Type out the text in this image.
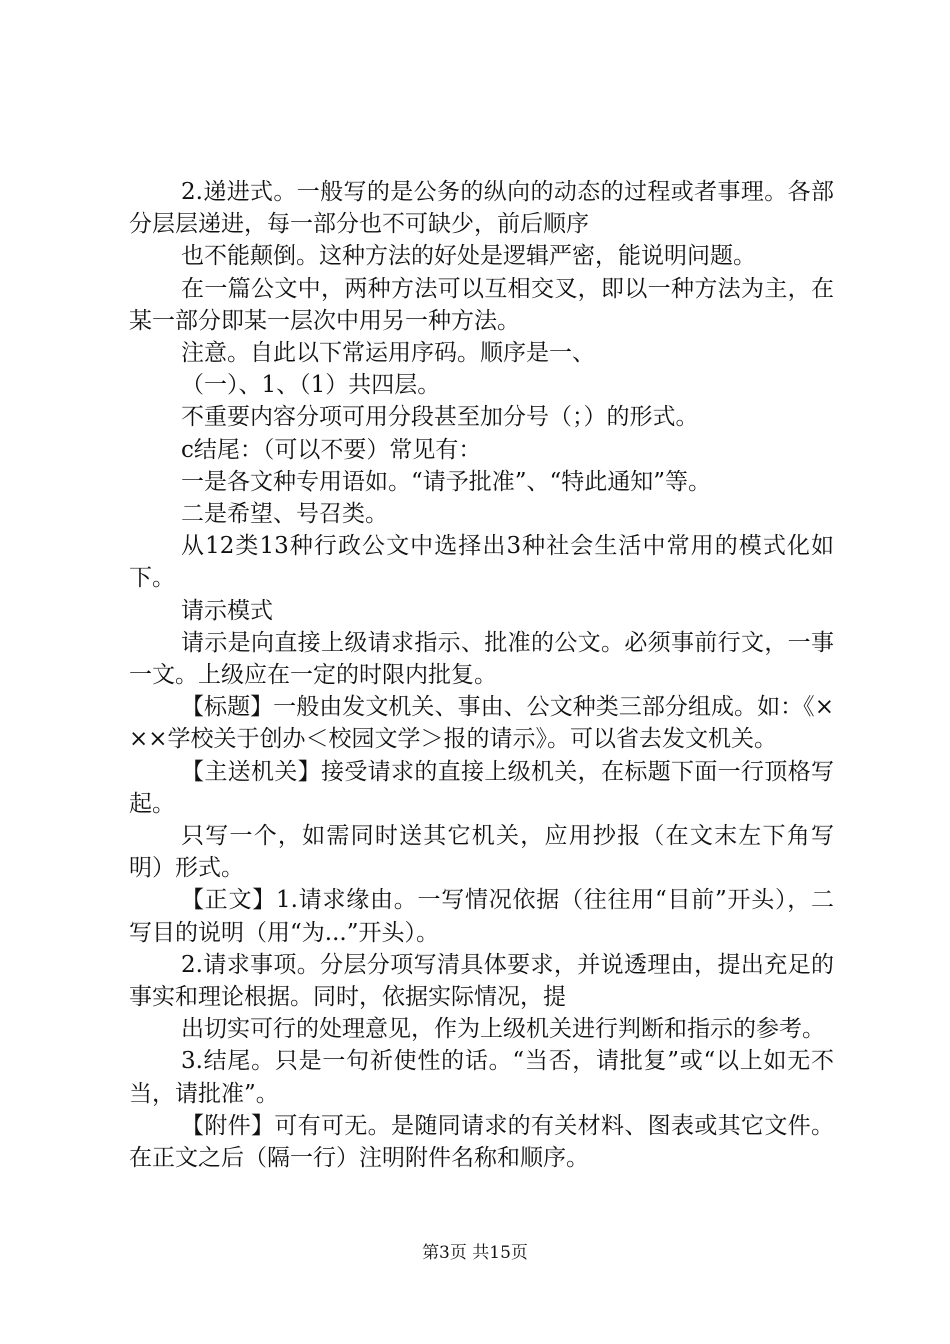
2.递进式。一般写的是公务的纵向的动态的过程或者事理。各部分层层递进，每一部分也不可缺少，前后顺序

也不能颠倒。这种方法的好处是逻辑严密，能说明问题。

在一篇公文中，两种方法可以互相交叉，即以一种方法为主，在某一部分即某一层次中用另一种方法。

注意。自此以下常运用序码。顺序是一、

（一）、1、（1）共四层。

不重要内容分项可用分段甚至加分号（；）的形式。

c结尾：（可以不要）常见有：

一是各文种专用语如。“请予批准”、“特此通知”等。

二是希望、号召类。

从12类13种行政公文中选择出3种社会生活中常用的模式化如下。

请示模式

请示是向直接上级请求指示、批准的公文。必须事前行文，一事一文。上级应在一定的时限内批复。

【标题】一般由发文机关、事由、公文种类三部分组成。如：《×××学校关于创办＜校园文学＞报的请示》。可以省去发文机关。

【主送机关】接受请求的直接上级机关，在标题下面一行顶格写起。

只写一个，如需同时送其它机关，应用抄报（在文末左下角写明）形式。

【正文】1.请求缘由。一写情况依据（往往用“目前”开头），二写目的说明（用“为...”开头）。

2.请求事项。分层分项写清具体要求，并说透理由，提出充足的事实和理论根据。同时，依据实际情况，提

出切实可行的处理意见，作为上级机关进行判断和指示的参考。

3.结尾。只是一句祈使性的话。“当否，请批复”或“以上如无不当，请批准”。

【附件】可有可无。是随同请求的有关材料、图表或其它文件。在正文之后（隔一行）注明附件名称和顺序。

第3页 共15页
